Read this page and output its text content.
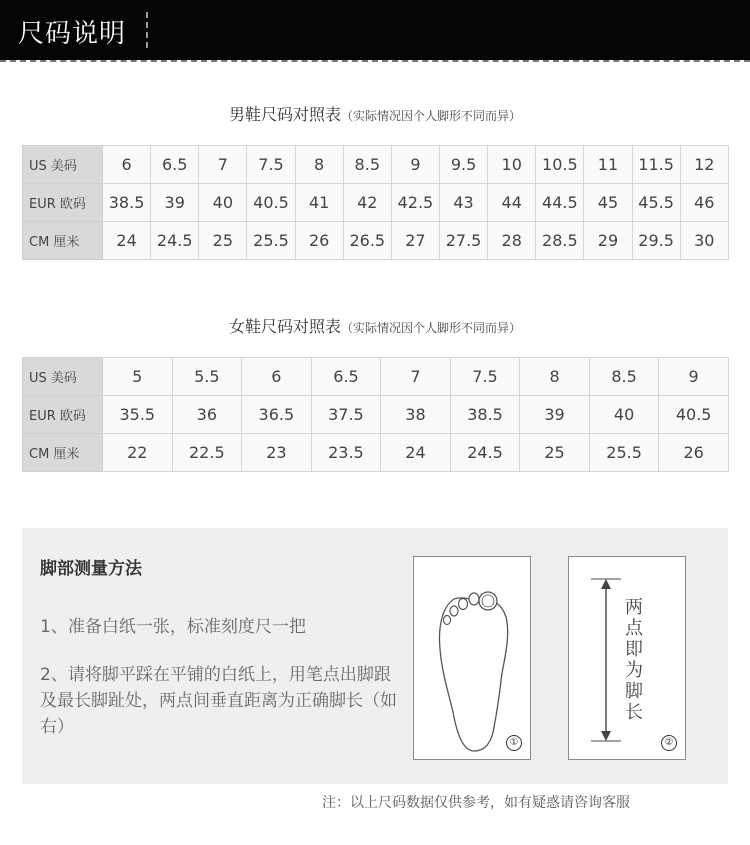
尺码说明
男鞋尺码对照表（实际情况因个人脚形不同而异）
US 美码	6	6.5	7	7.5	8	8.5	9	9.5	10	10.5	11	11.5	12
EUR 欧码	38.5	39	40	40.5	41	42	42.5	43	44	44.5	45	45.5	46
CM 厘米	24	24.5	25	25.5	26	26.5	27	27.5	28	28.5	29	29.5	30
女鞋尺码对照表（实际情况因个人脚形不同而异）
US 美码	5	5.5	6	6.5	7	7.5	8	8.5	9
EUR 欧码	35.5	36	36.5	37.5	38	38.5	39	40	40.5
CM 厘米	22	22.5	23	23.5	24	24.5	25	25.5	26
脚部测量方法
1、准备白纸一张，标准刻度尺一把
2、请将脚平踩在平铺的白纸上，用笔点出脚跟及最长脚趾处，两点间垂直距离为正确脚长（如右）
①
两点即为脚长
②
注：以上尺码数据仅供参考，如有疑惑请咨询客服
